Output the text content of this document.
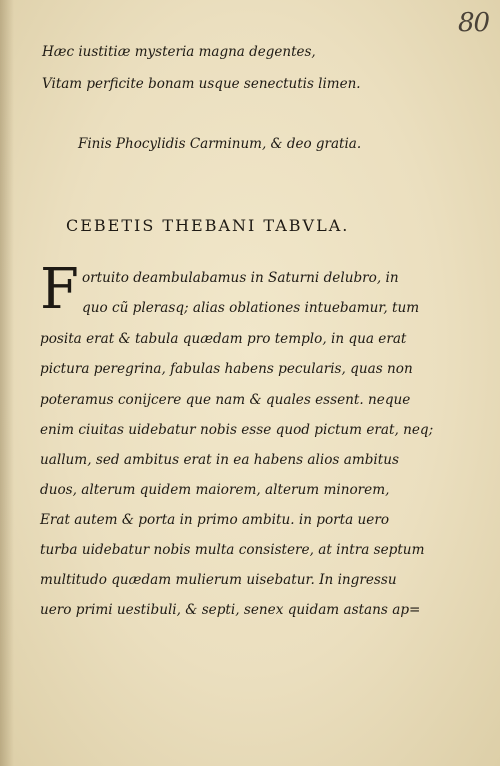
80
Hæc iustitiæ mysteria magna degentes,
Vitam perficite bonam usque senectutis limen.
Finis Phocylidis Carminum, & deo gratia.
CEBETIS THEBANI TABVLA.
F ortuito deambulabamus in Saturni delubro, in
quo cũ plerasq; alias oblationes intuebamur, tum
posita erat & tabula quædam pro templo, in qua erat
pictura peregrina, fabulas habens pecularis, quas non
poteramus conijcere que nam & quales essent. neque
enim ciuitas uidebatur nobis esse quod pictum erat, neq;
uallum, sed ambitus erat in ea habens alios ambitus
duos, alterum quidem maiorem, alterum minorem,
Erat autem & porta in primo ambitu. in porta uero
turba uidebatur nobis multa consistere, at intra septum
multitudo quædam mulierum uisebatur. In ingressu
uero primi uestibuli, & septi, senex quidam astans ap=
